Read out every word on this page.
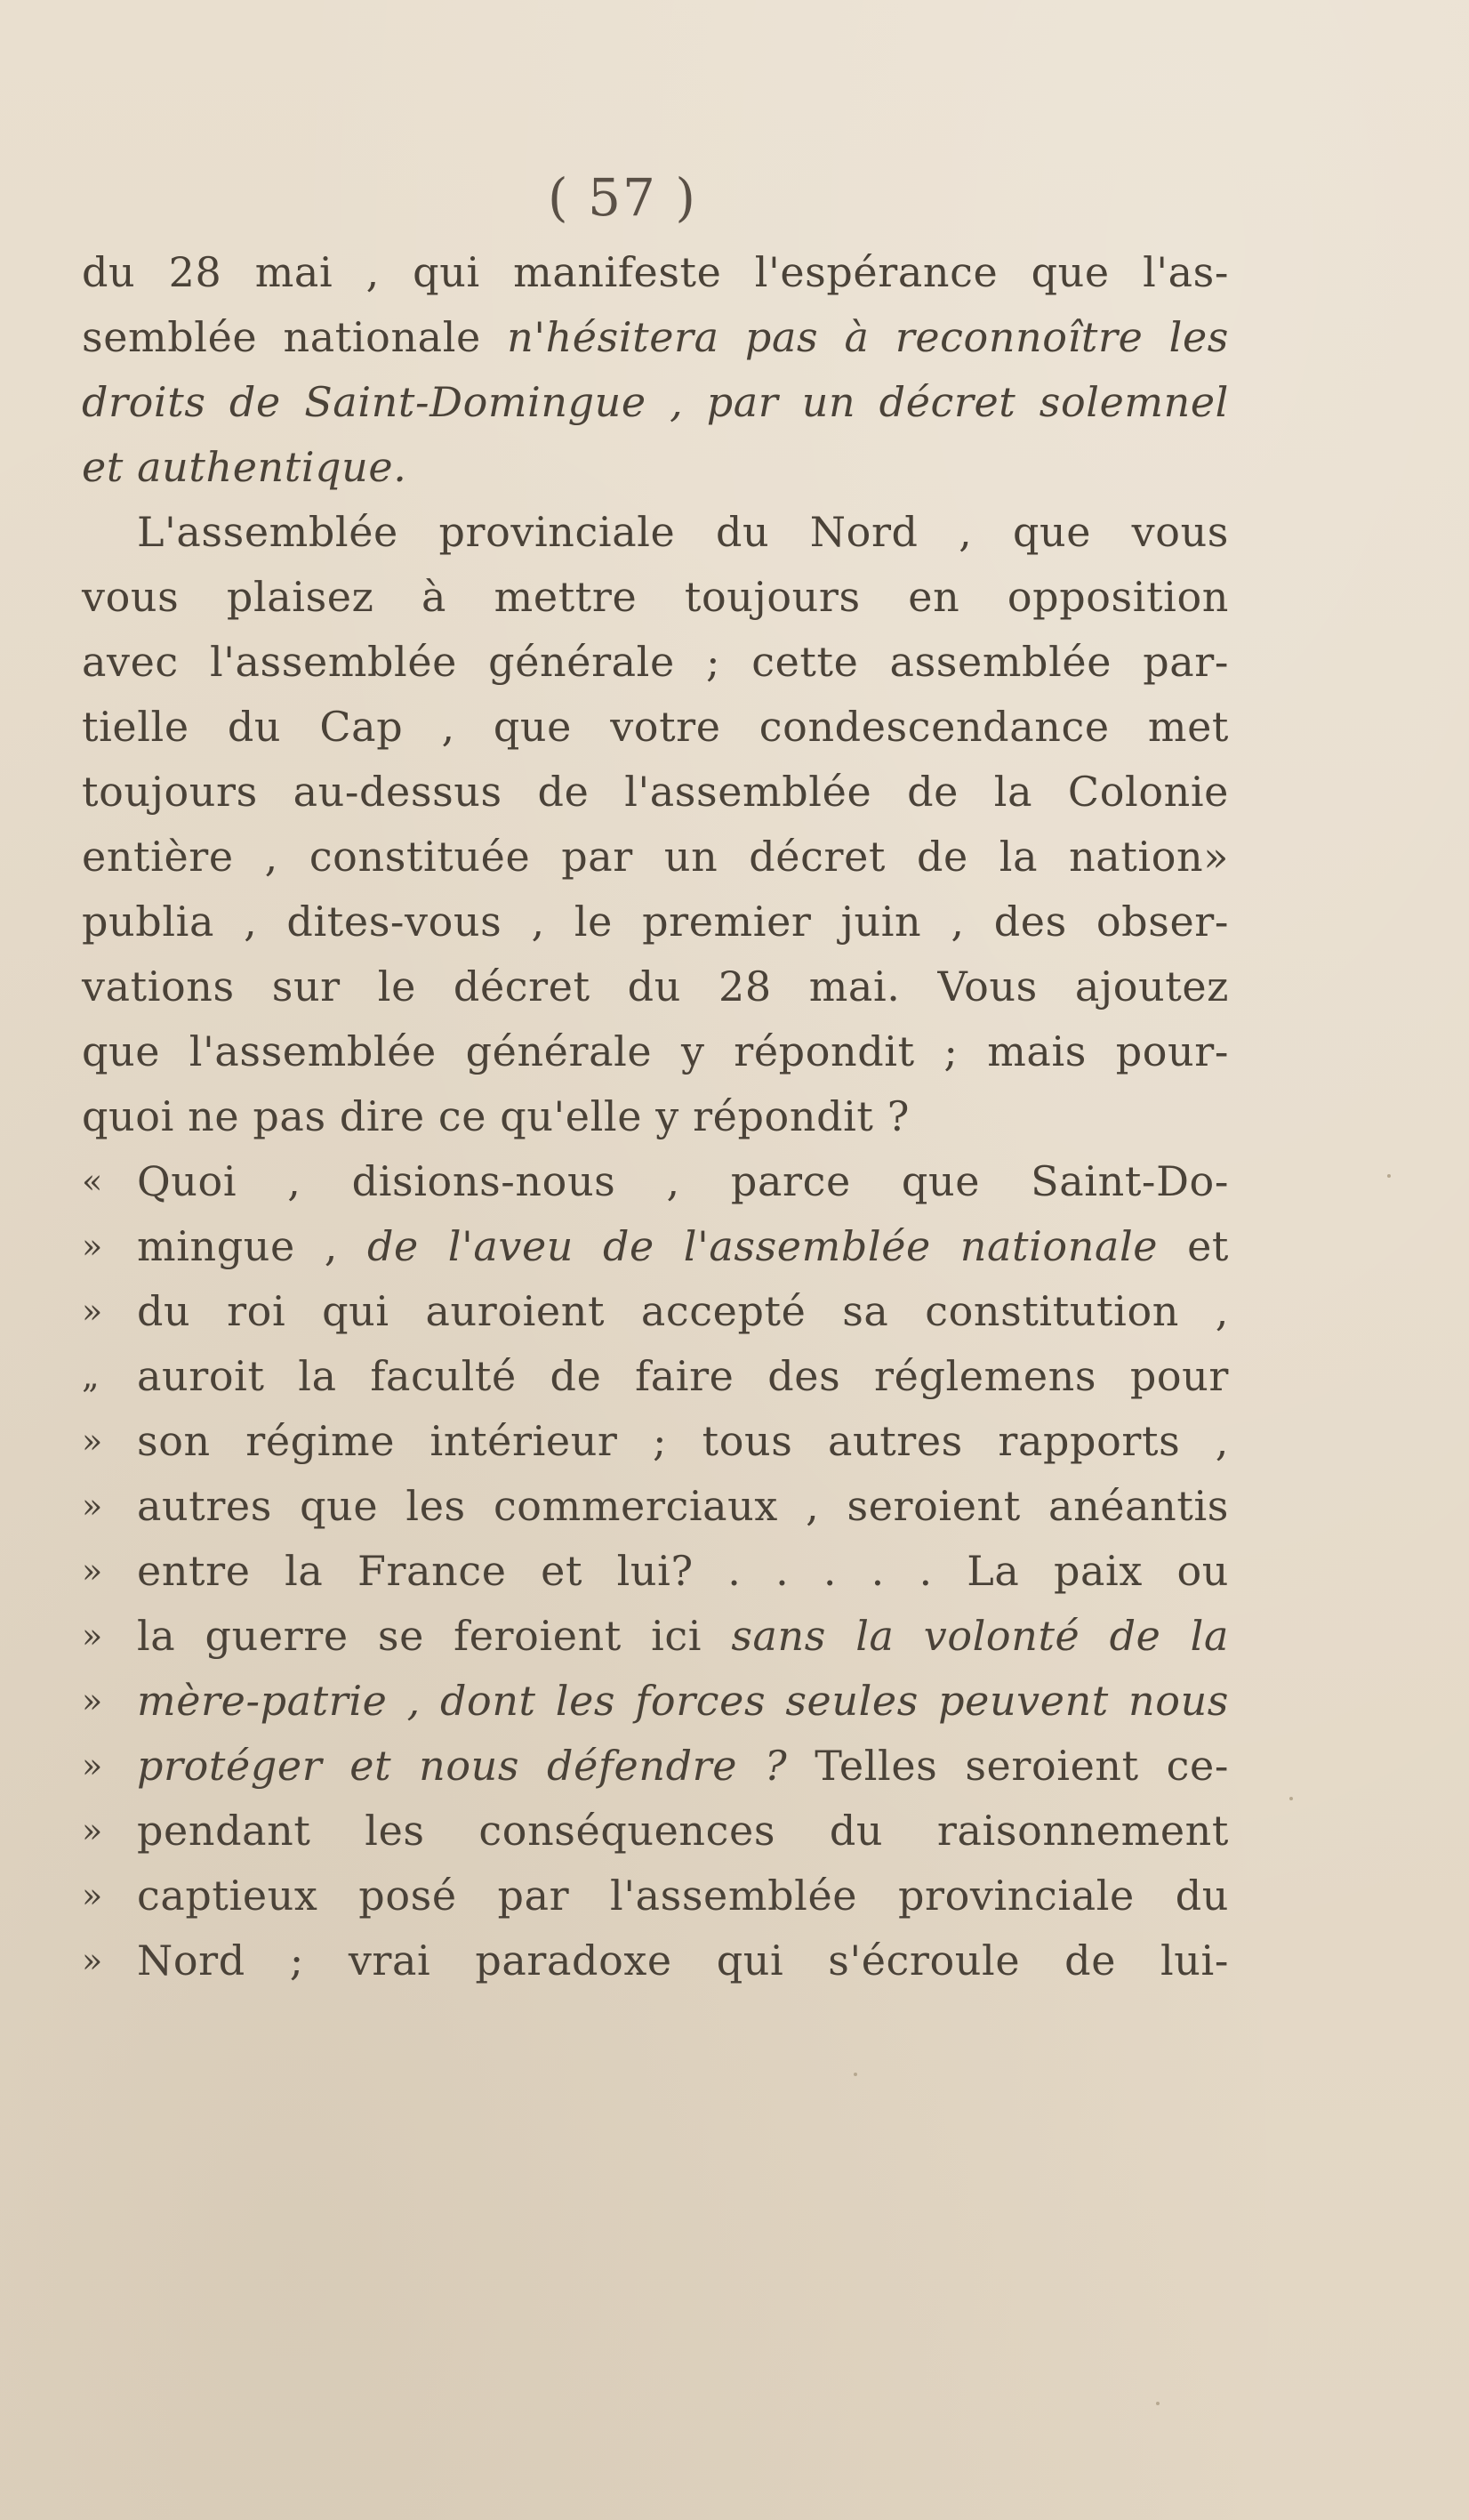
( 57 )
du 28 mai , qui manifeste l'espérance que l'as-
semblée nationale n'hésitera pas à reconnoître les
droits de Saint-Domingue , par un décret solemnel
et authentique.
L'assemblée provinciale du Nord , que vous
vous plaisez à mettre toujours en opposition
avec l'assemblée générale ; cette assemblée par-
tielle du Cap , que votre condescendance met
toujours au-dessus de l'assemblée de la Colonie
entière , constituée par un décret de la nation»
publia , dites-vous , le premier juin , des obser-
vations sur le décret du 28 mai. Vous ajoutez
que l'assemblée générale y répondit ; mais pour-
quoi ne pas dire ce qu'elle y répondit ?
« Quoi , disions-nous , parce que Saint-Do-
» mingue , de l'aveu de l'assemblée nationale et
» du roi qui auroient accepté sa constitution ,
„ auroit la faculté de faire des réglemens pour
» son régime intérieur ; tous autres rapports ,
» autres que les commerciaux , seroient anéantis
» entre la France et lui? . . . . . La paix ou
» la guerre se feroient ici sans la volonté de la
» mère-patrie , dont les forces seules peuvent nous
» protéger et nous défendre ? Telles seroient ce-
» pendant les conséquences du raisonnement
» captieux posé par l'assemblée provinciale du
» Nord ; vrai paradoxe qui s'écroule de lui-
